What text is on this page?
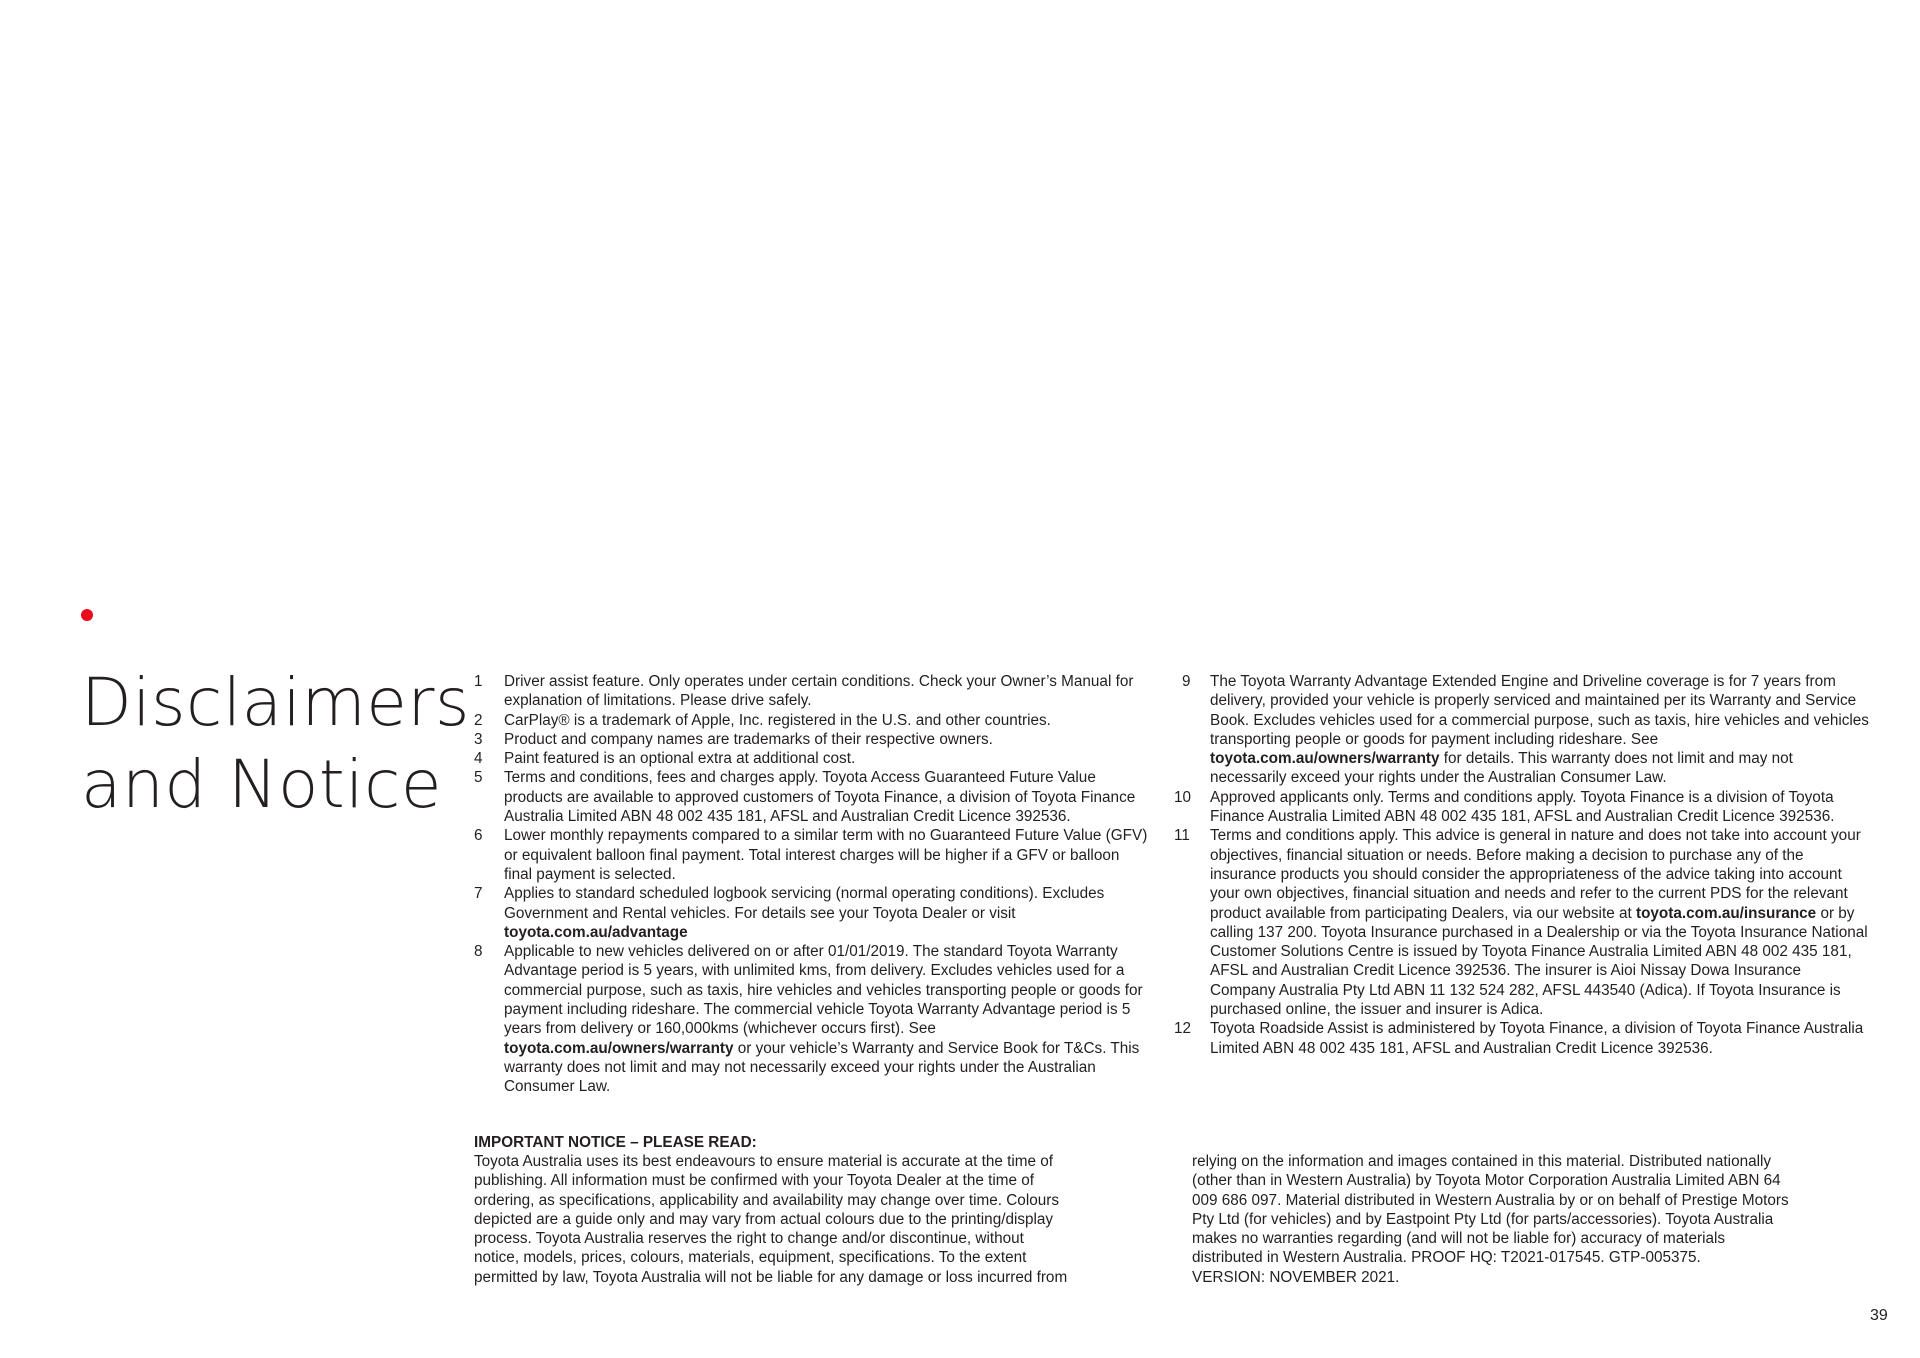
Disclaimers
and Notice
1 Driver assist feature. Only operates under certain conditions. Check your Owner’s Manual for explanation of limitations. Please drive safely.
2 CarPlay® is a trademark of Apple, Inc. registered in the U.S. and other countries.
3 Product and company names are trademarks of their respective owners.
4 Paint featured is an optional extra at additional cost.
5 Terms and conditions, fees and charges apply. Toyota Access Guaranteed Future Value products are available to approved customers of Toyota Finance, a division of Toyota Finance Australia Limited ABN 48 002 435 181, AFSL and Australian Credit Licence 392536.
6 Lower monthly repayments compared to a similar term with no Guaranteed Future Value (GFV) or equivalent balloon final payment. Total interest charges will be higher if a GFV or balloon final payment is selected.
7 Applies to standard scheduled logbook servicing (normal operating conditions). Excludes Government and Rental vehicles. For details see your Toyota Dealer or visit toyota.com.au/advantage
8 Applicable to new vehicles delivered on or after 01/01/2019. The standard Toyota Warranty Advantage period is 5 years, with unlimited kms, from delivery. Excludes vehicles used for a commercial purpose, such as taxis, hire vehicles and vehicles transporting people or goods for payment including rideshare. The commercial vehicle Toyota Warranty Advantage period is 5 years from delivery or 160,000kms (whichever occurs first). See toyota.com.au/owners/warranty or your vehicle’s Warranty and Service Book for T&Cs. This warranty does not limit and may not necessarily exceed your rights under the Australian Consumer Law.
9 The Toyota Warranty Advantage Extended Engine and Driveline coverage is for 7 years from delivery, provided your vehicle is properly serviced and maintained per its Warranty and Service Book. Excludes vehicles used for a commercial purpose, such as taxis, hire vehicles and vehicles transporting people or goods for payment including rideshare. See toyota.com.au/owners/warranty for details. This warranty does not limit and may not necessarily exceed your rights under the Australian Consumer Law.
10 Approved applicants only. Terms and conditions apply. Toyota Finance is a division of Toyota Finance Australia Limited ABN 48 002 435 181, AFSL and Australian Credit Licence 392536.
11 Terms and conditions apply. This advice is general in nature and does not take into account your objectives, financial situation or needs. Before making a decision to purchase any of the insurance products you should consider the appropriateness of the advice taking into account your own objectives, financial situation and needs and refer to the current PDS for the relevant product available from participating Dealers, via our website at toyota.com.au/insurance or by calling 137 200. Toyota Insurance purchased in a Dealership or via the Toyota Insurance National Customer Solutions Centre is issued by Toyota Finance Australia Limited ABN 48 002 435 181, AFSL and Australian Credit Licence 392536. The insurer is Aioi Nissay Dowa Insurance Company Australia Pty Ltd ABN 11 132 524 282, AFSL 443540 (Adica). If Toyota Insurance is purchased online, the issuer and insurer is Adica.
12 Toyota Roadside Assist is administered by Toyota Finance, a division of Toyota Finance Australia Limited ABN 48 002 435 181, AFSL and Australian Credit Licence 392536.

IMPORTANT NOTICE – PLEASE READ:

Toyota Australia uses its best endeavours to ensure material is accurate at the time of
publishing. All information must be confirmed with your Toyota Dealer at the time of
ordering, as specifications, applicability and availability may change over time. Colours
depicted are a guide only and may vary from actual colours due to the printing/display
process. Toyota Australia reserves the right to change and/or discontinue, without
notice, models, prices, colours, materials, equipment, specifications. To the extent
permitted by law, Toyota Australia will not be liable for any damage or loss incurred from

relying on the information and images contained in this material. Distributed nationally
(other than in Western Australia) by Toyota Motor Corporation Australia Limited ABN 64
009 686 097. Material distributed in Western Australia by or on behalf of Prestige Motors
Pty Ltd (for vehicles) and by Eastpoint Pty Ltd (for parts/accessories). Toyota Australia
makes no warranties regarding (and will not be liable for) accuracy of materials
distributed in Western Australia. PROOF HQ: T2021-017545. GTP-005375.
VERSION: NOVEMBER 2021.

39
